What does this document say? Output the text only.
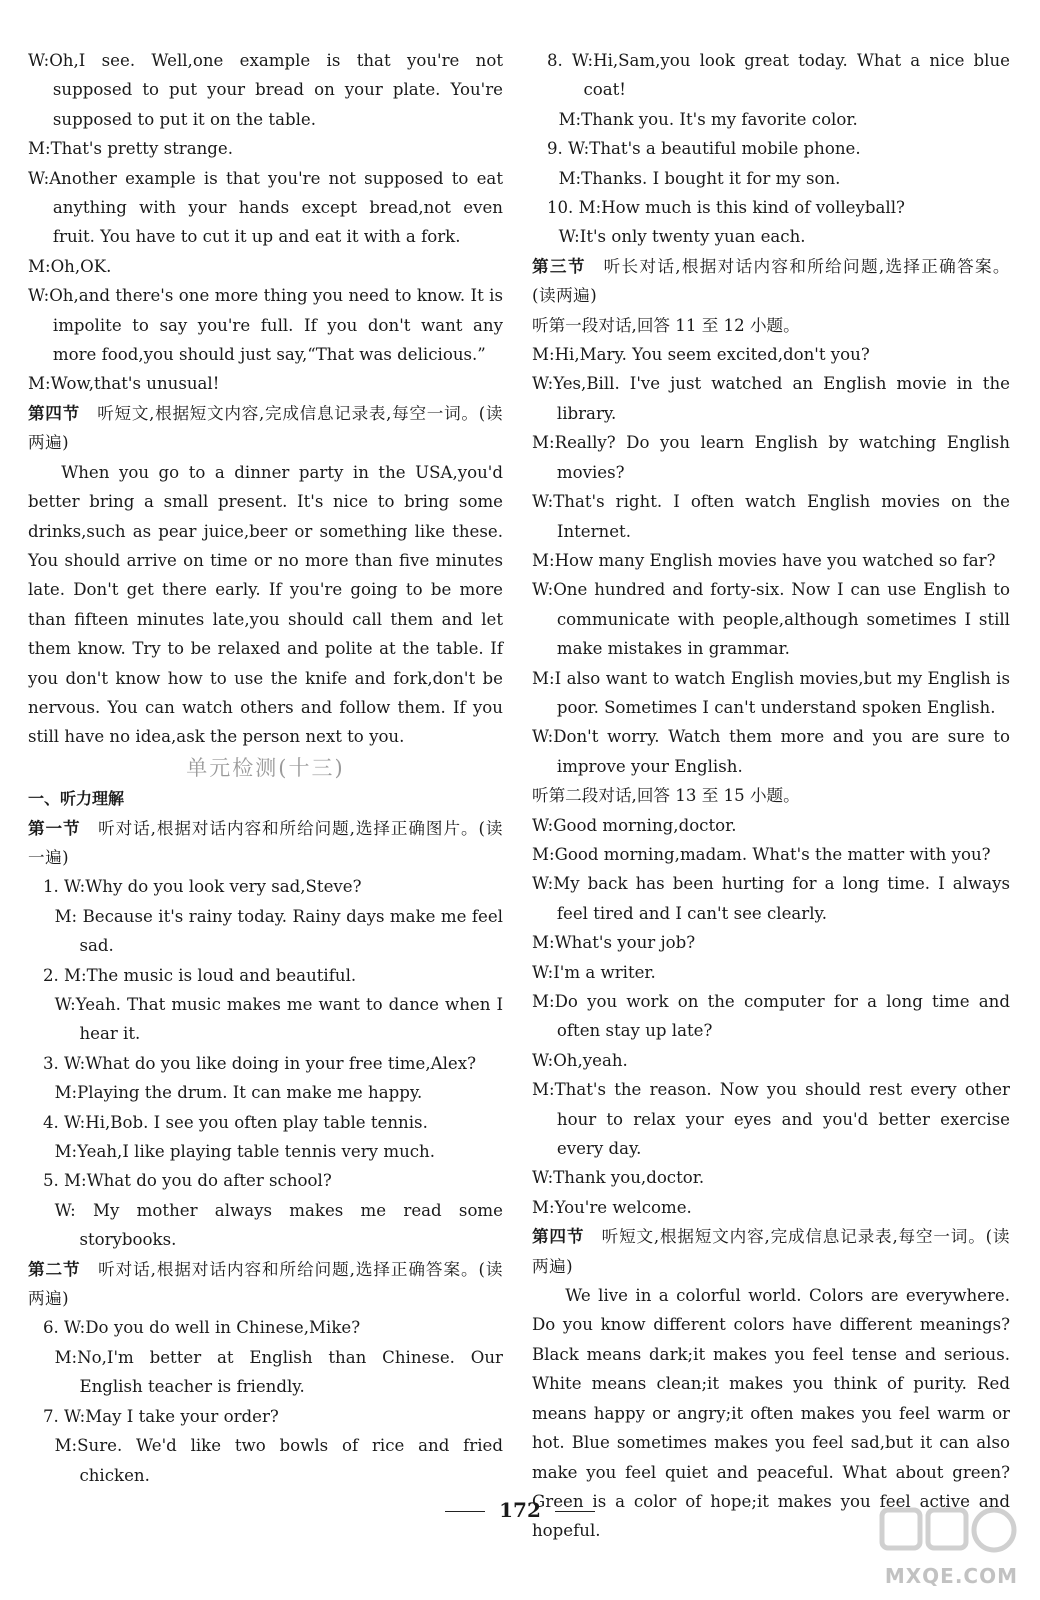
W:Oh,I see. Well,one example is that you're not supposed to put your bread on your plate. You're supposed to put it on the table.
M:That's pretty strange.
W:Another example is that you're not supposed to eat anything with your hands except bread,not even fruit. You have to cut it up and eat it with a fork.
M:Oh,OK.
W:Oh,and there's one more thing you need to know. It is impolite to say you're full. If you don't want any more food,you should just say,“That was delicious.”
M:Wow,that's unusual!
第四节　听短文,根据短文内容,完成信息记录表,每空一词。(读两遍)
When you go to a dinner party in the USA,you'd better bring a small present. It's nice to bring some drinks,such as pear juice,beer or something like these. You should arrive on time or no more than five minutes late. Don't get there early. If you're going to be more than fifteen minutes late,you should call them and let them know. Try to be relaxed and polite at the table. If you don't know how to use the knife and fork,don't be nervous. You can watch others and follow them. If you still have no idea,ask the person next to you.
单元检测(十三)
一、听力理解
第一节　听对话,根据对话内容和所给问题,选择正确图片。(读一遍)
1. W:Why do you look very sad,Steve?
M: Because it's rainy today. Rainy days make me feel sad.
2. M:The music is loud and beautiful.
W:Yeah. That music makes me want to dance when I hear it.
3. W:What do you like doing in your free time,Alex?
M:Playing the drum. It can make me happy.
4. W:Hi,Bob. I see you often play table tennis.
M:Yeah,I like playing table tennis very much.
5. M:What do you do after school?
W: My mother always makes me read some storybooks.
第二节　听对话,根据对话内容和所给问题,选择正确答案。(读两遍)
6. W:Do you do well in Chinese,Mike?
M:No,I'm better at English than Chinese. Our English teacher is friendly.
7. W:May I take your order?
M:Sure. We'd like two bowls of rice and fried chicken.
8. W:Hi,Sam,you look great today. What a nice blue coat!
M:Thank you. It's my favorite color.
9. W:That's a beautiful mobile phone.
M:Thanks. I bought it for my son.
10. M:How much is this kind of volleyball?
W:It's only twenty yuan each.
第三节　听长对话,根据对话内容和所给问题,选择正确答案。(读两遍)
听第一段对话,回答 11 至 12 小题。
M:Hi,Mary. You seem excited,don't you?
W:Yes,Bill. I've just watched an English movie in the library.
M:Really? Do you learn English by watching English movies?
W:That's right. I often watch English movies on the Internet.
M:How many English movies have you watched so far?
W:One hundred and forty-six. Now I can use English to communicate with people,although sometimes I still make mistakes in grammar.
M:I also want to watch English movies,but my English is poor. Sometimes I can't understand spoken English.
W:Don't worry. Watch them more and you are sure to improve your English.
听第二段对话,回答 13 至 15 小题。
W:Good morning,doctor.
M:Good morning,madam. What's the matter with you?
W:My back has been hurting for a long time. I always feel tired and I can't see clearly.
M:What's your job?
W:I'm a writer.
M:Do you work on the computer for a long time and often stay up late?
W:Oh,yeah.
M:That's the reason. Now you should rest every other hour to relax your eyes and you'd better exercise every day.
W:Thank you,doctor.
M:You're welcome.
第四节　听短文,根据短文内容,完成信息记录表,每空一词。(读两遍)
We live in a colorful world. Colors are everywhere. Do you know different colors have different meanings? Black means dark;it makes you feel tense and serious. White means clean;it makes you think of purity. Red means happy or angry;it often makes you feel warm or hot. Blue sometimes makes you feel sad,but it can also make you feel quiet and peaceful. What about green? Green is a color of hope;it makes you feel active and hopeful.
172
MXQE.COM
